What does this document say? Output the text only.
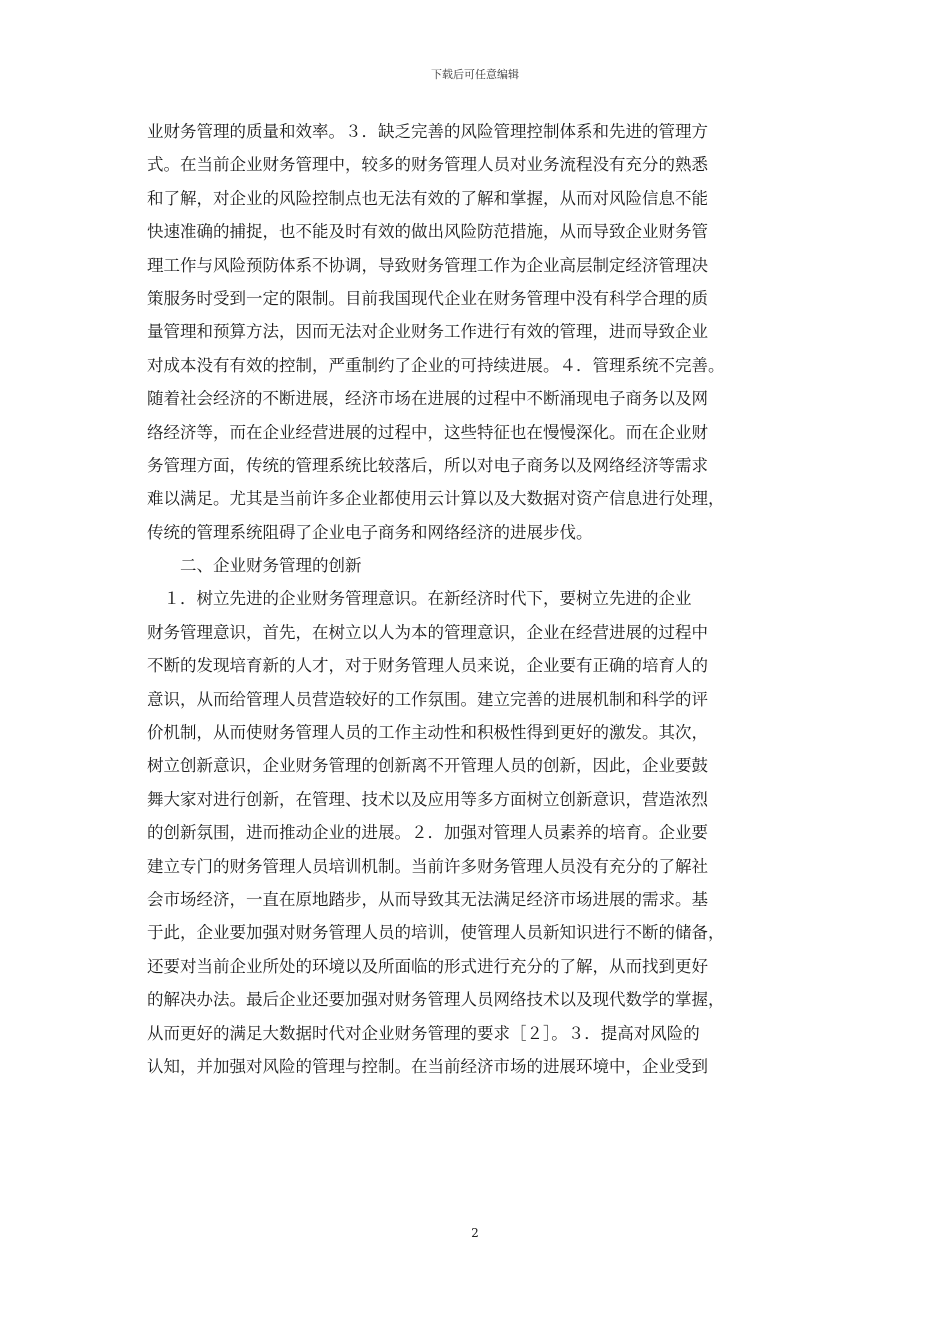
下载后可任意编辑
业财务管理的质量和效率。３．缺乏完善的风险管理控制体系和先进的管理方
式。在当前企业财务管理中，较多的财务管理人员对业务流程没有充分的熟悉
和了解，对企业的风险控制点也无法有效的了解和掌握，从而对风险信息不能
快速准确的捕捉，也不能及时有效的做出风险防范措施，从而导致企业财务管
理工作与风险预防体系不协调，导致财务管理工作为企业高层制定经济管理决
策服务时受到一定的限制。目前我国现代企业在财务管理中没有科学合理的质
量管理和预算方法，因而无法对企业财务工作进行有效的管理，进而导致企业
对成本没有有效的控制，严重制约了企业的可持续进展。４．管理系统不完善。
随着社会经济的不断进展，经济市场在进展的过程中不断涌现电子商务以及网
络经济等，而在企业经营进展的过程中，这些特征也在慢慢深化。而在企业财
务管理方面，传统的管理系统比较落后，所以对电子商务以及网络经济等需求
难以满足。尤其是当前许多企业都使用云计算以及大数据对资产信息进行处理，
传统的管理系统阻碍了企业电子商务和网络经济的进展步伐。
　　二、企业财务管理的创新
　１．树立先进的企业财务管理意识。在新经济时代下，要树立先进的企业
财务管理意识，首先，在树立以人为本的管理意识，企业在经营进展的过程中
不断的发现培育新的人才，对于财务管理人员来说，企业要有正确的培育人的
意识，从而给管理人员营造较好的工作氛围。建立完善的进展机制和科学的评
价机制，从而使财务管理人员的工作主动性和积极性得到更好的激发。其次，
树立创新意识，企业财务管理的创新离不开管理人员的创新，因此，企业要鼓
舞大家对进行创新，在管理、技术以及应用等多方面树立创新意识，营造浓烈
的创新氛围，进而推动企业的进展。２．加强对管理人员素养的培育。企业要
建立专门的财务管理人员培训机制。当前许多财务管理人员没有充分的了解社
会市场经济，一直在原地踏步，从而导致其无法满足经济市场进展的需求。基
于此，企业要加强对财务管理人员的培训，使管理人员新知识进行不断的储备，
还要对当前企业所处的环境以及所面临的形式进行充分的了解，从而找到更好
的解决办法。最后企业还要加强对财务管理人员网络技术以及现代数学的掌握，
从而更好的满足大数据时代对企业财务管理的要求［２］。３．提高对风险的
认知，并加强对风险的管理与控制。在当前经济市场的进展环境中，企业受到
2
